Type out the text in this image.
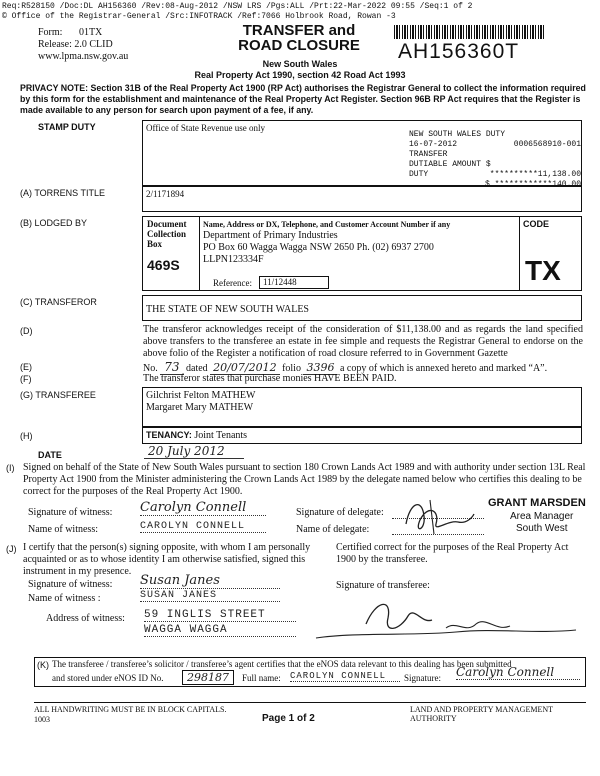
Req:R528150 /Doc:DL AH156360 /Rev:08-Aug-2012 /NSW LRS /Pgs:ALL /Prt:22-Mar-2022 09:55 /Seq:1 of 2
© Office of the Registrar-General /Src:INFOTRACK /Ref:7066 Holbrook Road, Rowan -3
Form: 01TX
Release: 2.0 CLID
www.lpma.nsw.gov.au
TRANSFER and
ROAD CLOSURE	AH156360T
New South Wales
Real Property Act 1990, section 42 Road Act 1993
PRIVACY NOTE: Section 31B of the Real Property Act 1900 (RP Act) authorises the Registrar General to collect the information required by this form for the establishment and maintenance of the Real Property Act Register. Section 96B RP Act requires that the Register is made available to any person for search upon payment of a fee, if any.
STAMP DUTY	Office of State Revenue use only
NEW SOUTH WALES DUTY
16-07-2012	0006568910-001
TRANSFER
DUTIABLE AMOUNT $
**********11,138.00
DUTY
$ ************140.00
(A) TORRENS TITLE	2/1171894
(B) LODGED BY	Document
Collection
Box
469S
Name, Address or DX, Telephone, and Customer Account Number if any
Department of Primary Industries
PO Box 60 Wagga Wagga NSW 2650 Ph. (02) 6937 2700
LLPN123334F
Reference:	11/12448
CODE
TX
(C) TRANSFEROR
THE STATE OF NEW SOUTH WALES
(D)	The transferor acknowledges receipt of the consideration of $11,138.00 and as regards the land specified above transfers to the transferee an estate in fee simple and requests the Registrar General to endorse on the above folio of the Register a notification of road closure referred to in Government Gazette
(E)	No. 73 dated 20/07/2012 folio 3396 a copy of which is annexed hereto and marked “A”.
(F)	The transferor states that purchase monies HAVE BEEN PAID.
(G) TRANSFEREE	Gilchrist Felton MATHEW
Margaret Mary MATHEW
(H)	TENANCY: Joint Tenants
DATE	20 July 2012
(I) Signed on behalf of the State of New South Wales pursuant to section 180 Crown Lands Act 1989 and with authority under section 13L Real Property Act 1900 from the Minister administering the Crown Lands Act 1989 by the delegate named below who certifies this dealing to be correct for the purposes of the Real Property Act 1900.
Signature of witness: Carolyn Connell
Name of witness:	CAROLYN CONNELL
Signature of delegate:
Name of delegate:
GRANT MARSDEN
Area Manager
South West
(J) I certify that the person(s) signing opposite, with whom I am personally acquainted or as to whose identity I am otherwise satisfied, signed this instrument in my presence.
Certified correct for the purposes of the Real Property Act 1900 by the transferee.
Signature of witness: Susan Janes
Name of witness :	SUSAN JANES
Address of witness: 59 INGLIS STREET
WAGGA WAGGA
Signature of transferee:
(K) The transferee / transferee’s solicitor / transferee’s agent certifies that the eNOS data relevant to this dealing has been submitted
and stored under eNOS ID No.	298187	Full name: CAROLYN CONNELL	Signature: Carolyn Connell
ALL HANDWRITING MUST BE IN BLOCK CAPITALS.
1003	Page 1 of 2
LAND AND PROPERTY MANAGEMENT AUTHORITY
